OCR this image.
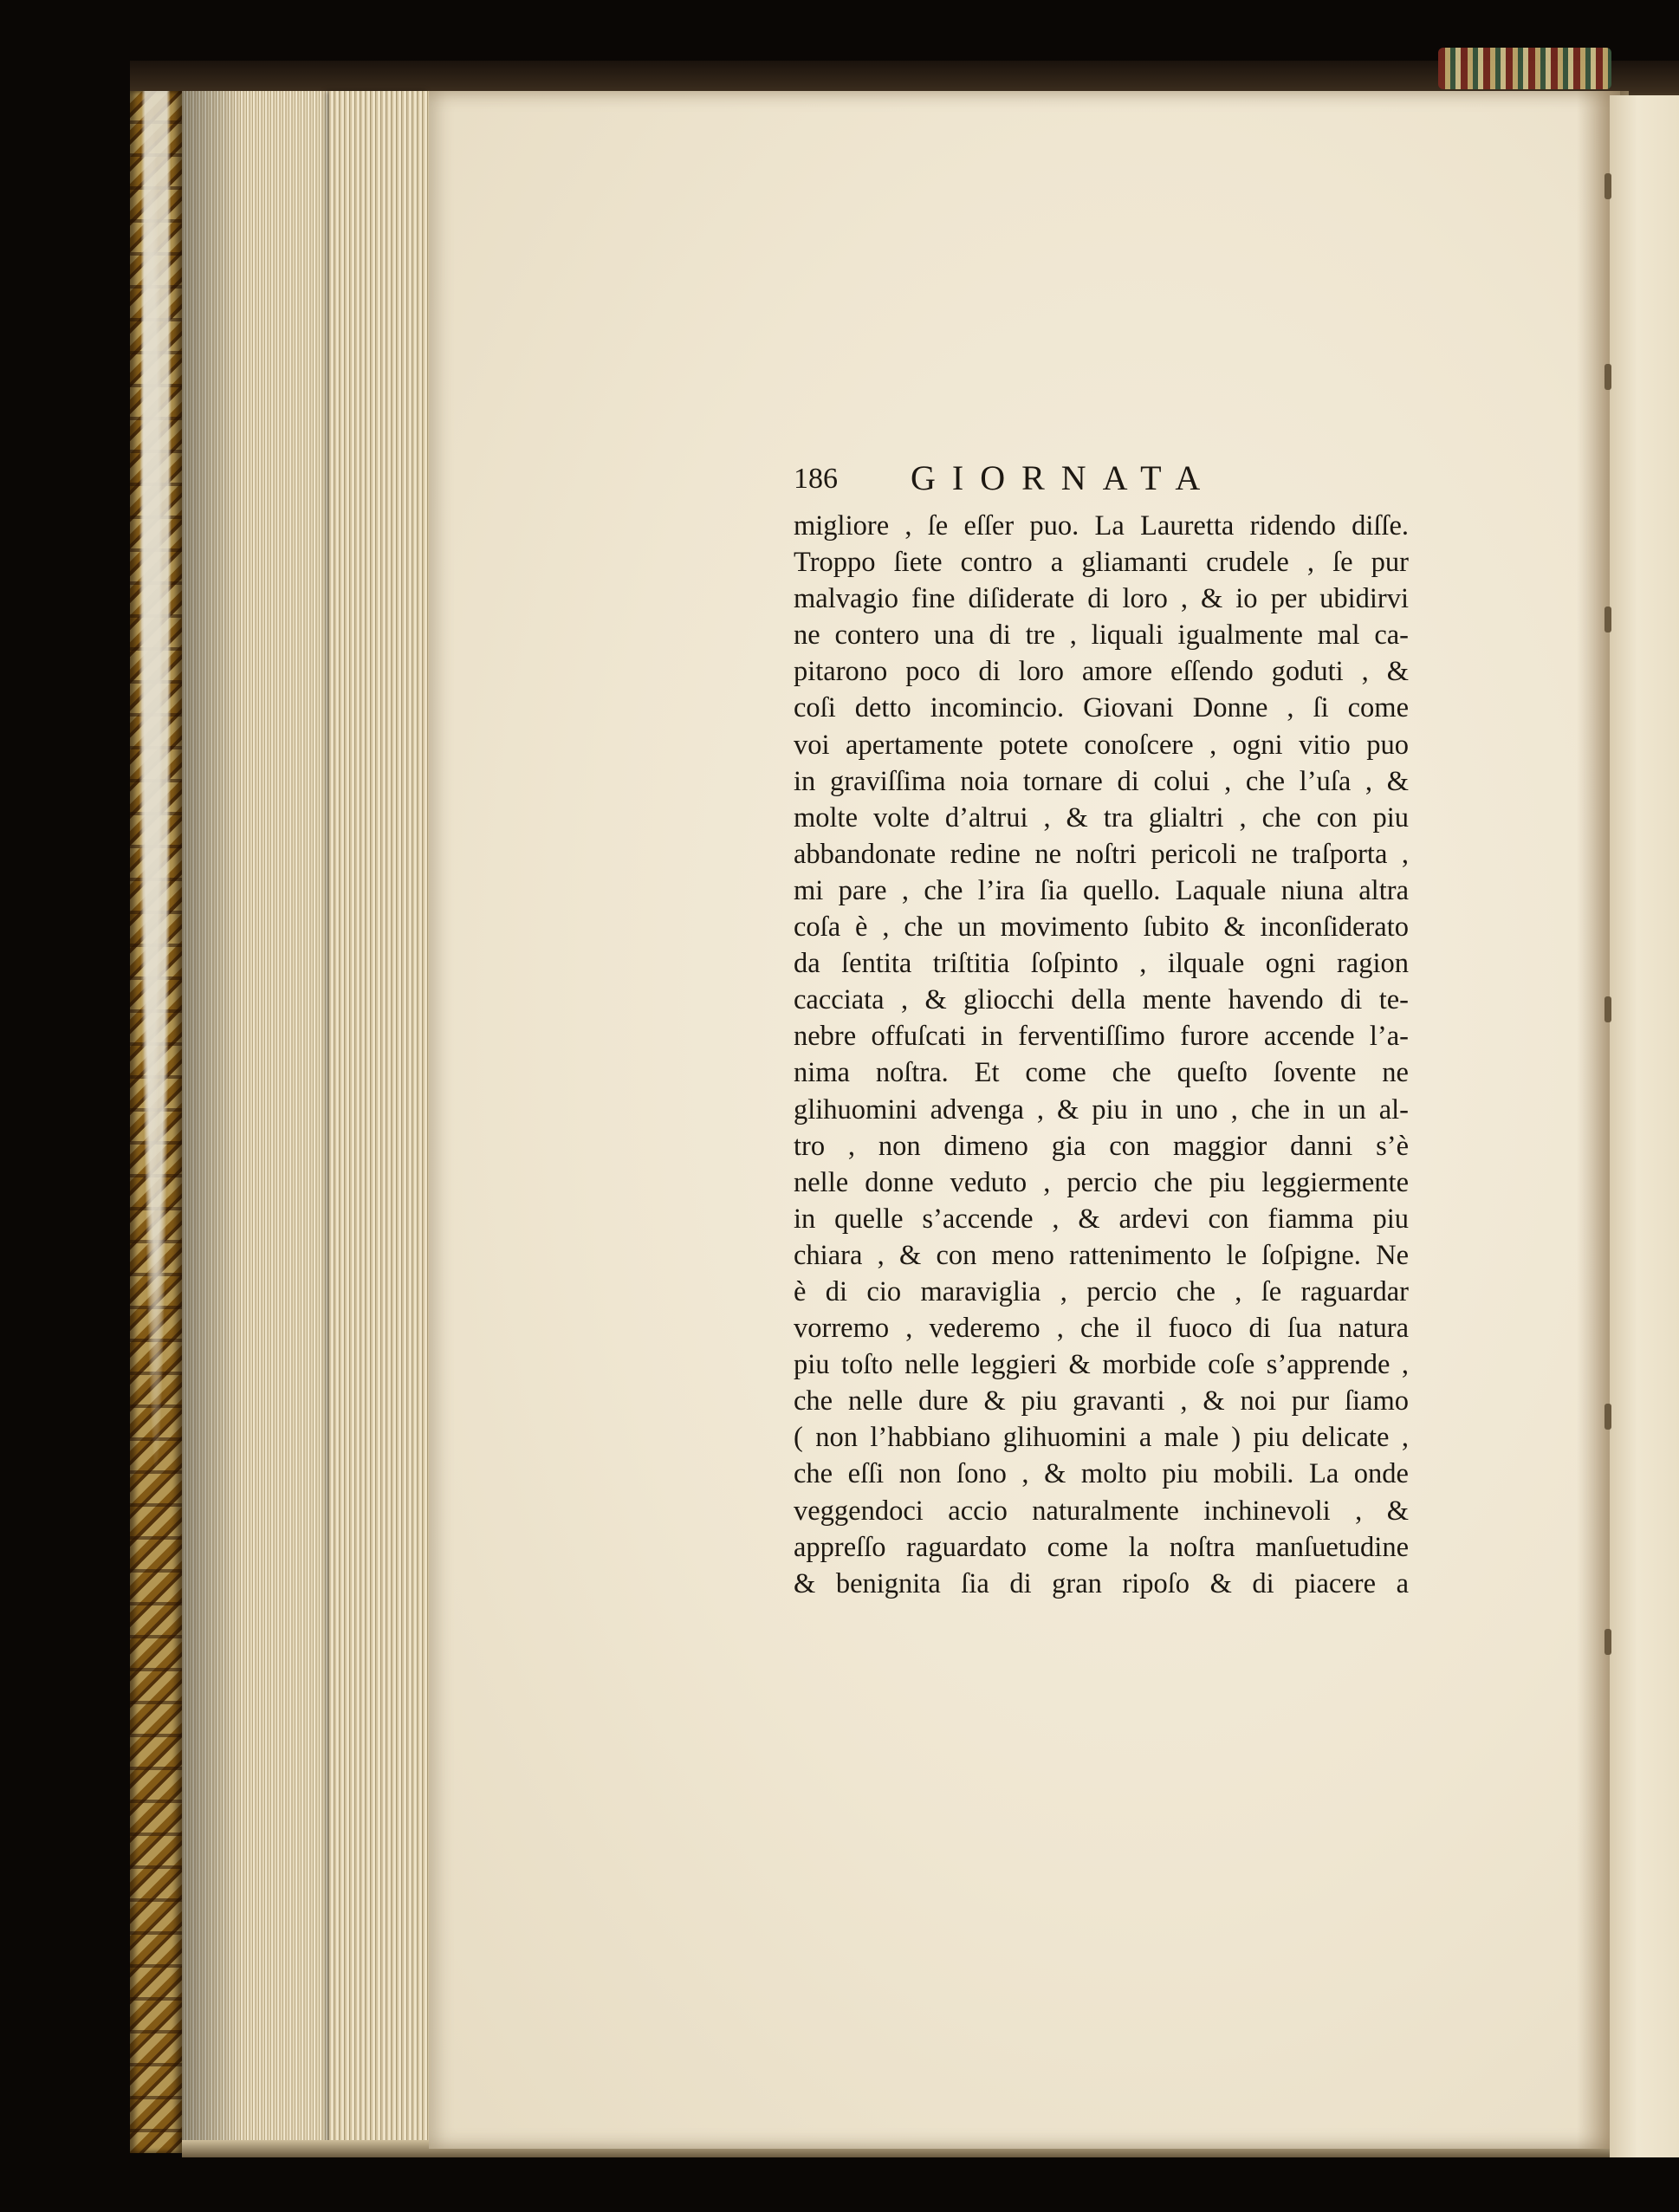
186 GIORNATA
migliore , ſe eſſer puo. La Lauretta ridendo diſſe.
Troppo ſiete contro a gliamanti crudele , ſe pur
malvagio fine diſiderate di loro , & io per ubidirvi
ne contero una di tre , liquali igualmente mal ca-
pitarono poco di loro amore eſſendo goduti , &
coſi detto incomincio. Giovani Donne , ſi come
voi apertamente potete conoſcere , ogni vitio puo
in graviſſima noia tornare di colui , che l’uſa , &
molte volte d’altrui , & tra glialtri , che con piu
abbandonate redine ne noſtri pericoli ne traſporta ,
mi pare , che l’ira ſia quello. Laquale niuna altra
coſa è , che un movimento ſubito & inconſiderato
da ſentita triſtitia ſoſpinto , ilquale ogni ragion
cacciata , & gliocchi della mente havendo di te-
nebre offuſcati in ferventiſſimo furore accende l’a-
nima noſtra. Et come che queſto ſovente ne
glihuomini advenga , & piu in uno , che in un al-
tro , non dimeno gia con maggior danni s’è
nelle donne veduto , percio che piu leggiermente
in quelle s’accende , & ardevi con fiamma piu
chiara , & con meno rattenimento le ſoſpigne. Ne
è di cio maraviglia , percio che , ſe raguardar
vorremo , vederemo , che il fuoco di ſua natura
piu toſto nelle leggieri & morbide coſe s’apprende ,
che nelle dure & piu gravanti , & noi pur ſiamo
( non l’habbiano glihuomini a male ) piu delicate ,
che eſſi non ſono , & molto piu mobili. La onde
veggendoci accio naturalmente inchinevoli , &
appreſſo raguardato come la noſtra manſuetudine
& benignita ſia di gran ripoſo & di piacere a
